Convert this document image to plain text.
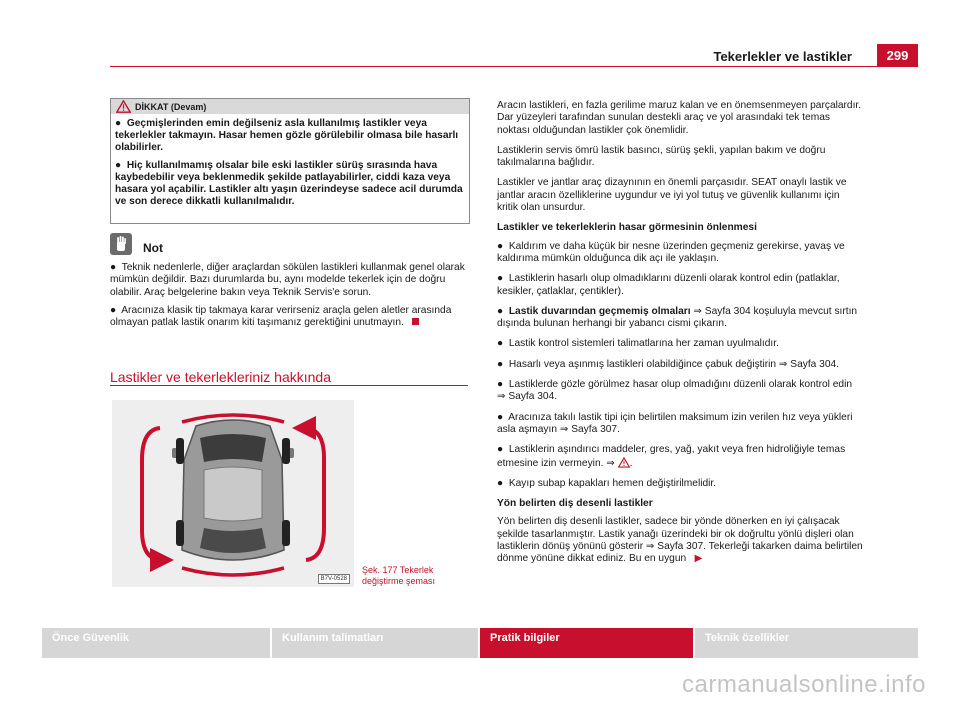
Tekerlekler ve lastikler	299
DİKKAT (Devam)

●  Geçmişlerinden emin değilseniz asla kullanılmış lastikler veya tekerlekler takmayın. Hasar hemen gözle görülebilir olmasa bile hasarlı olabilirler.

●  Hiç kullanılmamış olsalar bile eski lastikler sürüş sırasında hava kaybedebilir veya beklenmedik şekilde patlayabilirler, ciddi kaza veya hasara yol açabilir. Lastikler altı yaşın üzerindeyse sadece acil durumda ve son derece dikkatli kullanılmalıdır.

Not

●  Teknik nedenlerle, diğer araçlardan sökülen lastikleri kullanmak genel olarak mümkün değildir. Bazı durumlarda bu, aynı modelde tekerlek için de doğru olabilir. Araç belgelerine bakın veya Teknik Servis'e sorun.

●  Aracınıza klasik tip takmaya karar verirseniz araçla gelen aletler arasında olmayan patlak lastik onarım kiti taşımanız gerektiğini unutmayın.

Lastikler ve tekerlekleriniz hakkında
B7V-0528
Şek. 177 Tekerlek
değiştirme şeması

Aracın lastikleri, en fazla gerilime maruz kalan ve en önemsenmeyen parçalardır. Dar yüzeyleri tarafından sunulan destekli araç ve yol arasındaki tek temas noktası olduğundan lastikler çok önemlidir.

Lastiklerin servis ömrü lastik basıncı, sürüş şekli, yapılan bakım ve doğru takılmalarına bağlıdır.

Lastikler ve jantlar araç dizaynının en önemli parçasıdır. SEAT onaylı lastik ve jantlar aracın özelliklerine uygundur ve iyi yol tutuş ve güvenlik kullanımı için kritik olan unsurdur.

Lastikler ve tekerleklerin hasar görmesinin önlenmesi

●  Kaldırım ve daha küçük bir nesne üzerinden geçmeniz gerekirse, yavaş ve kaldırıma mümkün olduğunca dik açı ile yaklaşın.

●  Lastiklerin hasarlı olup olmadıklarını düzenli olarak kontrol edin (patlaklar, kesikler, çatlaklar, çentikler).

●  Lastik duvarından geçmemiş olmaları ⇒ Sayfa 304 koşuluyla mevcut sırtın dışında bulunan herhangi bir yabancı cismi çıkarın.

●  Lastik kontrol sistemleri talimatlarına her zaman uyulmalıdır.

●  Hasarlı veya aşınmış lastikleri olabildiğince çabuk değiştirin ⇒ Sayfa 304.

●  Lastiklerde gözle görülmez hasar olup olmadığını düzenli olarak kontrol edin ⇒ Sayfa 304.

●  Aracınıza takılı lastik tipi için belirtilen maksimum izin verilen hız veya yükleri asla aşmayın ⇒ Sayfa 307.

●  Lastiklerin aşındırıcı maddeler, gres, yağ, yakıt veya fren hidroliğiyle temas etmesine izin vermeyin. ⇒ .

●  Kayıp subap kapakları hemen değiştirilmelidir.

Yön belirten diş desenli lastikler

Yön belirten diş desenli lastikler, sadece bir yönde dönerken en iyi çalışacak şekilde tasarlanmıştır. Lastik yanağı üzerindeki bir ok doğrultu yönlü dişleri olan lastiklerin dönüş yönünü gösterir ⇒ Sayfa 307. Tekerleği takarken daima belirtilen dönme yönüne dikkat ediniz. Bu en uygun ▶

Önce Güvenlik	Kullanım talimatları	Pratik bilgiler	Teknik özellikler
carmanualsonline.info
